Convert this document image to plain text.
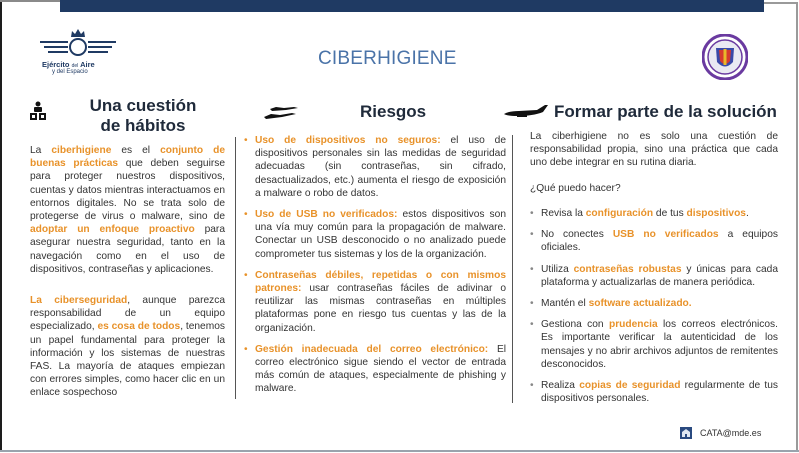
Ejército del Aire
y del Espacio
CIBERHIGIENE
Una cuestión
de hábitos
La ciberhigiene es el conjunto de buenas prácticas que deben seguirse para proteger nuestros dispositivos, cuentas y datos mientras interactuamos en entornos digitales. No se trata solo de protegerse de virus o malware, sino de adoptar un enfoque proactivo para asegurar nuestra seguridad, tanto en la navegación como en el uso de dispositivos, contraseñas y aplicaciones.
La ciberseguridad, aunque parezca responsabilidad de un equipo especializado, es cosa de todos, tenemos un papel fundamental para proteger la información y los sistemas de nuestras FAS. La mayoría de ataques empiezan con errores simples, como hacer clic en un enlace sospechoso
Riesgos
• Uso de dispositivos no seguros: el uso de dispositivos personales sin las medidas de seguridad adecuadas (sin contraseñas, sin cifrado, desactualizados, etc.) aumenta el riesgo de exposición a malware o robo de datos.
• Uso de USB no verificados: estos dispositivos son una vía muy común para la propagación de malware. Conectar un USB desconocido o no analizado puede comprometer tus sistemas y los de la organización.
• Contraseñas débiles, repetidas o con mismos patrones: usar contraseñas fáciles de adivinar o reutilizar las mismas contraseñas en múltiples plataformas pone en riesgo tus cuentas y las de la organización.
• Gestión inadecuada del correo electrónico: El correo electrónico sigue siendo el vector de entrada más común de ataques, especialmente de phishing y malware.
Formar parte de la solución
La ciberhigiene no es solo una cuestión de responsabilidad propia, sino una práctica que cada uno debe integrar en su rutina diaria.
¿Qué puedo hacer?
• Revisa la configuración de tus dispositivos.
• No conectes USB no verificados a equipos oficiales.
• Utiliza contraseñas robustas y únicas para cada plataforma y actualizarlas de manera periódica.
• Mantén el software actualizado.
• Gestiona con prudencia los correos electrónicos. Es importante verificar la autenticidad de los mensajes y no abrir archivos adjuntos de remitentes desconocidos.
• Realiza copias de seguridad regularmente de tus dispositivos personales.
CATA@mde.es
